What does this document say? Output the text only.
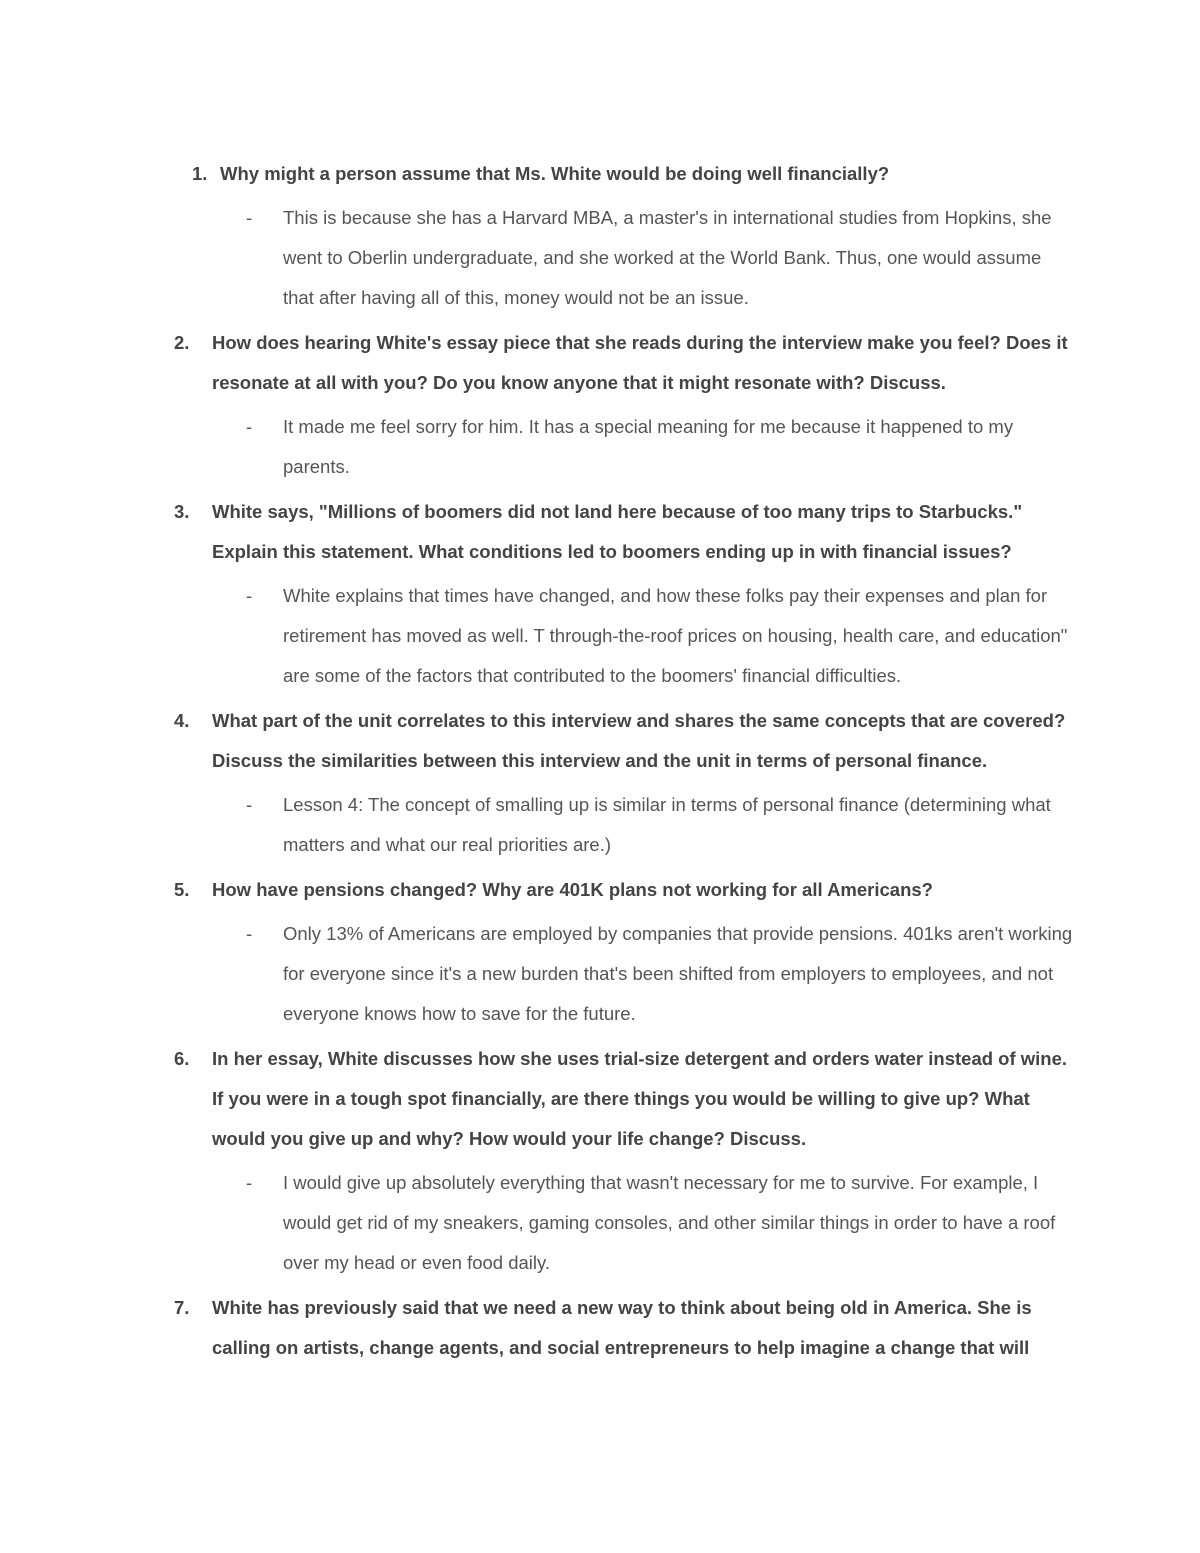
1. Why might a person assume that Ms. White would be doing well financially?
- This is because she has a Harvard MBA, a master's in international studies from Hopkins, she went to Oberlin undergraduate, and she worked at the World Bank. Thus, one would assume that after having all of this, money would not be an issue.
2.	How does hearing White's essay piece that she reads during the interview make you feel? Does it resonate at all with you? Do you know anyone that it might resonate with? Discuss.
- It made me feel sorry for him. It has a special meaning for me because it happened to my parents.
3.	White says, "Millions of boomers did not land here because of too many trips to Starbucks." Explain this statement. What conditions led to boomers ending up in with financial issues?
- White explains that times have changed, and how these folks pay their expenses and plan for retirement has moved as well. T through-the-roof prices on housing, health care, and education" are some of the factors that contributed to the boomers' financial difficulties.
4.	What part of the unit correlates to this interview and shares the same concepts that are covered? Discuss the similarities between this interview and the unit in terms of personal finance.
- Lesson 4: The concept of smalling up is similar in terms of personal finance (determining what matters and what our real priorities are.)
5.	How have pensions changed? Why are 401K plans not working for all Americans?
- Only 13% of Americans are employed by companies that provide pensions. 401ks aren't working for everyone since it's a new burden that's been shifted from employers to employees, and not everyone knows how to save for the future.
6.	In her essay, White discusses how she uses trial-size detergent and orders water instead of wine. If you were in a tough spot financially, are there things you would be willing to give up? What would you give up and why? How would your life change? Discuss.
- I would give up absolutely everything that wasn't necessary for me to survive. For example, I would get rid of my sneakers, gaming consoles, and other similar things in order to have a roof over my head or even food daily.
7.	White has previously said that we need a new way to think about being old in America. She is calling on artists, change agents, and social entrepreneurs to help imagine a change that will
